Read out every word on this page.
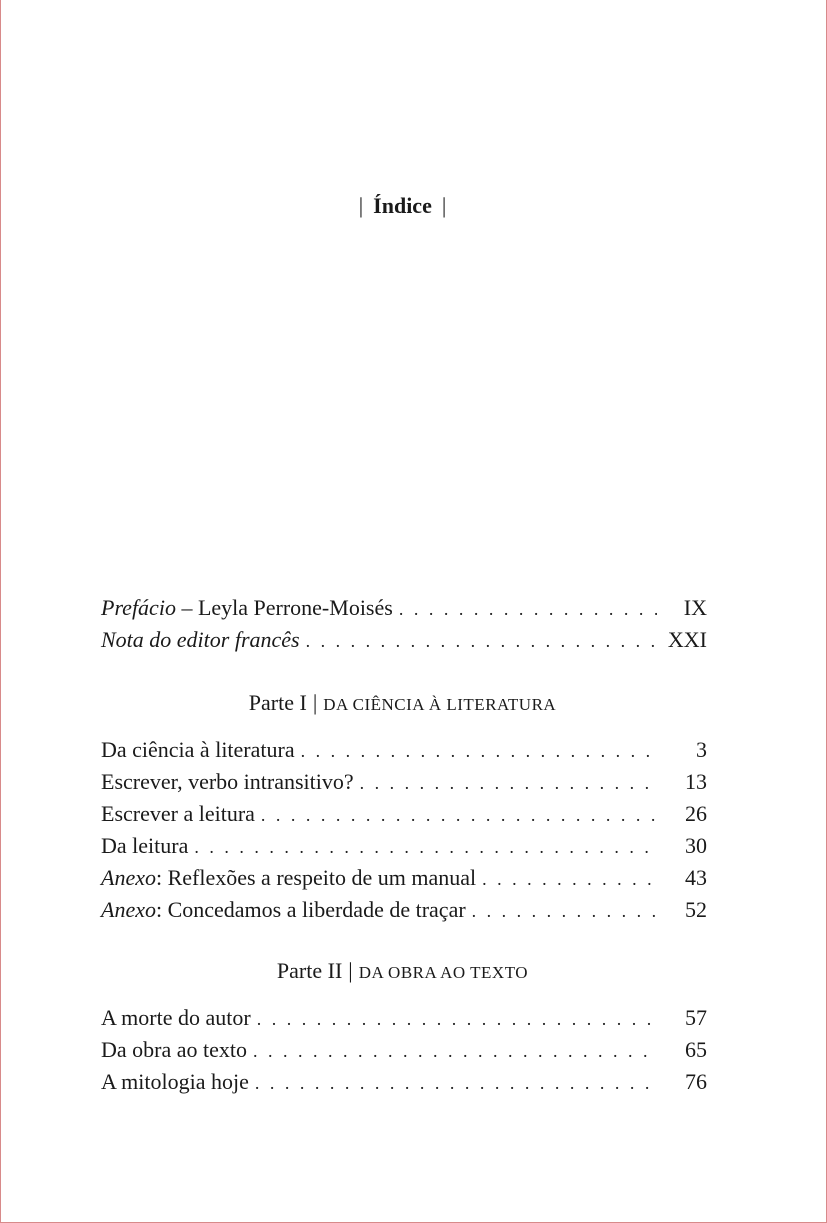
| Índice |
Prefácio – Leyla Perrone-Moisés . . .	IX
Nota do editor francês . . .	XXI
Parte I | DA CIÊNCIA À LITERATURA
Da ciência à literatura . . .	3
Escrever, verbo intransitivo? . . .	13
Escrever a leitura . . .	26
Da leitura . . .	30
Anexo: Reflexões a respeito de um manual . . .	43
Anexo: Concedamos a liberdade de traçar . . .	52
Parte II | DA OBRA AO TEXTO
A morte do autor . . .	57
Da obra ao texto . . .	65
A mitologia hoje . . .	76
